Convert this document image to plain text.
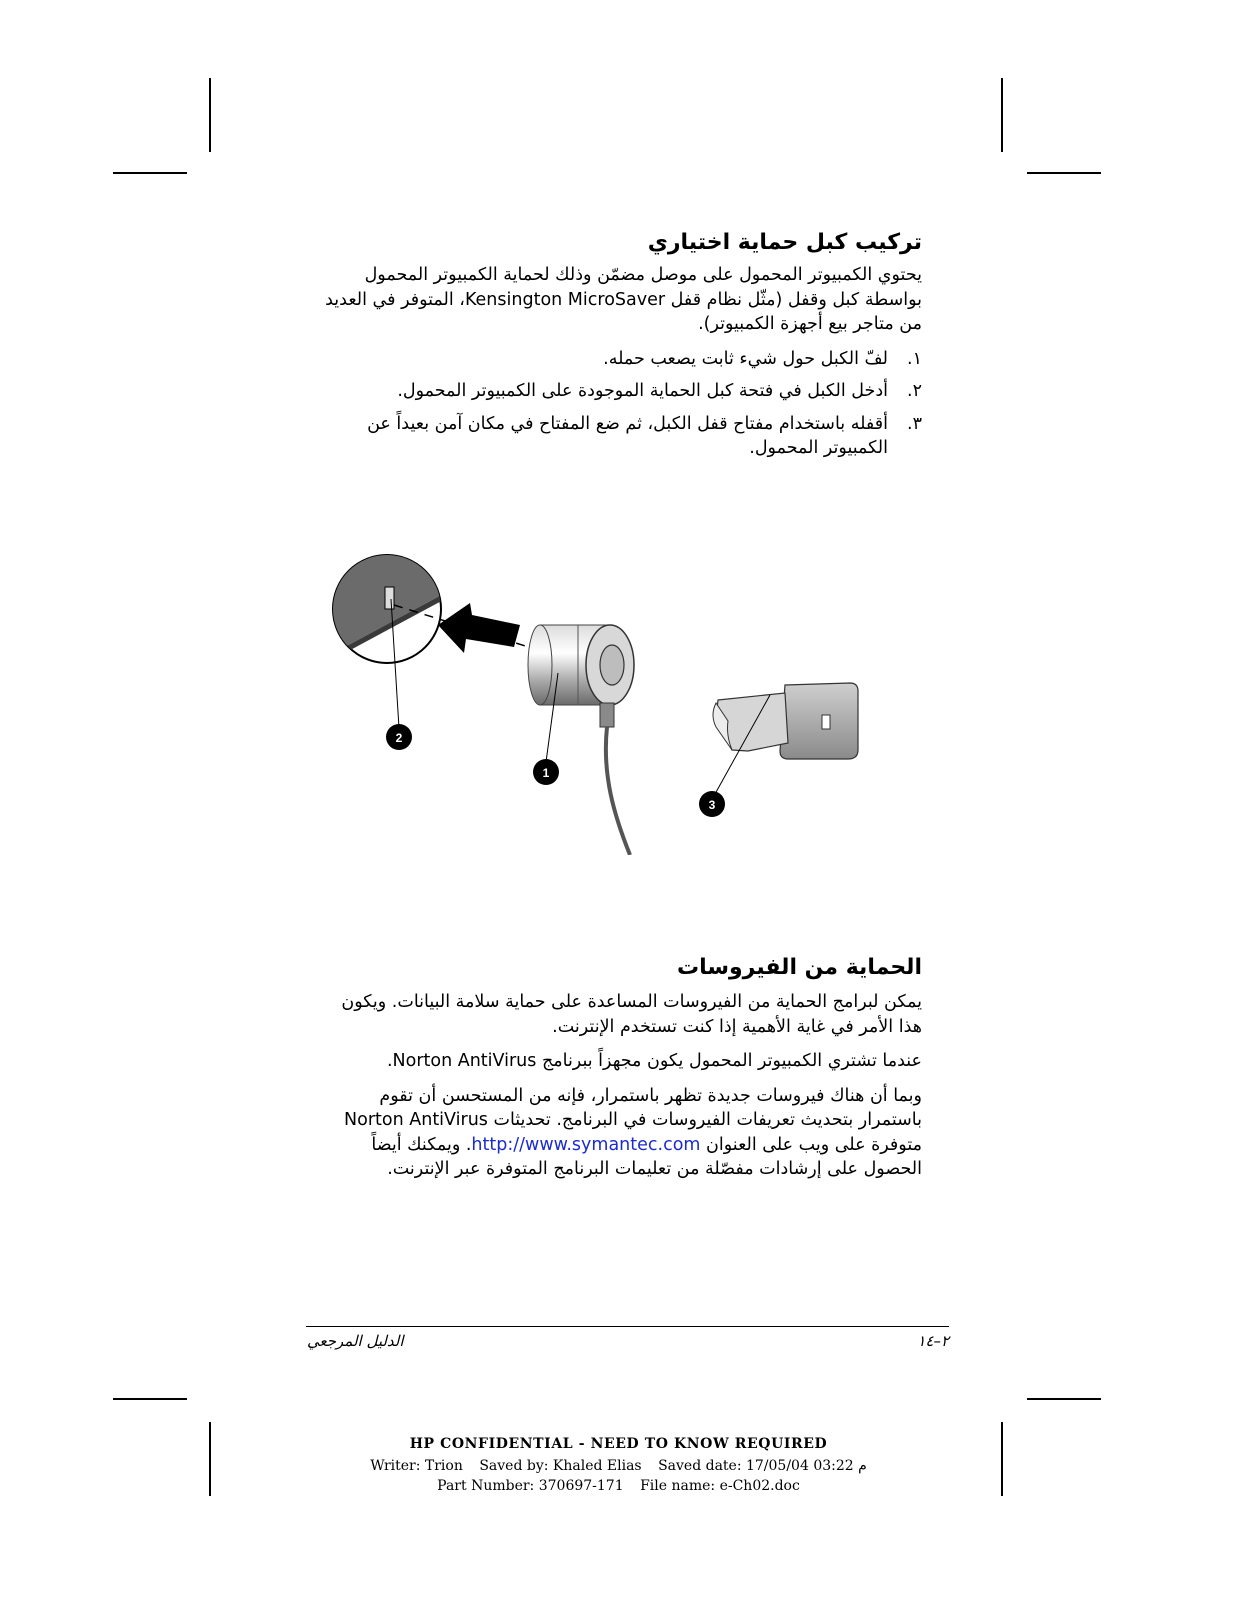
تركيب كبل حماية اختياري

يحتوي الكمبيوتر المحمول على موصل مضمّن وذلك لحماية الكمبيوتر المحمول بواسطة كبل وقفل (مثّل نظام قفل Kensington MicroSaver، المتوفر في العديد من متاجر بيع أجهزة الكمبيوتر).

١.
لفّ الكبل حول شيء ثابت يصعب حمله.
٢.
أدخل الكبل في فتحة كبل الحماية الموجودة على الكمبيوتر المحمول.
٣.
أقفله باستخدام مفتاح قفل الكبل، ثم ضع المفتاح في مكان آمن بعيداً عن الكمبيوتر المحمول.
2
1
3
الحماية من الفيروسات

يمكن لبرامج الحماية من الفيروسات المساعدة على حماية سلامة البيانات. ويكون هذا الأمر في غاية الأهمية إذا كنت تستخدم الإنترنت.

عندما تشتري الكمبيوتر المحمول يكون مجهزاً ببرنامج Norton AntiVirus.

وبما أن هناك فيروسات جديدة تظهر باستمرار، فإنه من المستحسن أن تقوم باستمرار بتحديث تعريفات الفيروسات في البرنامج. تحديثات Norton AntiVirus متوفرة على ويب على العنوان http://www.symantec.com. ويمكنك أيضاً الحصول على إرشادات مفصّلة من تعليمات البرنامج المتوفرة عبر الإنترنت.

الدليل المرجعي	٢–١٤
HP CONFIDENTIAL - NEED TO KNOW REQUIRED
Writer: Trion Saved by: Khaled Elias Saved date: 17/05/04 03:22 م
Part Number: 370697-171 File name: e-Ch02.doc
